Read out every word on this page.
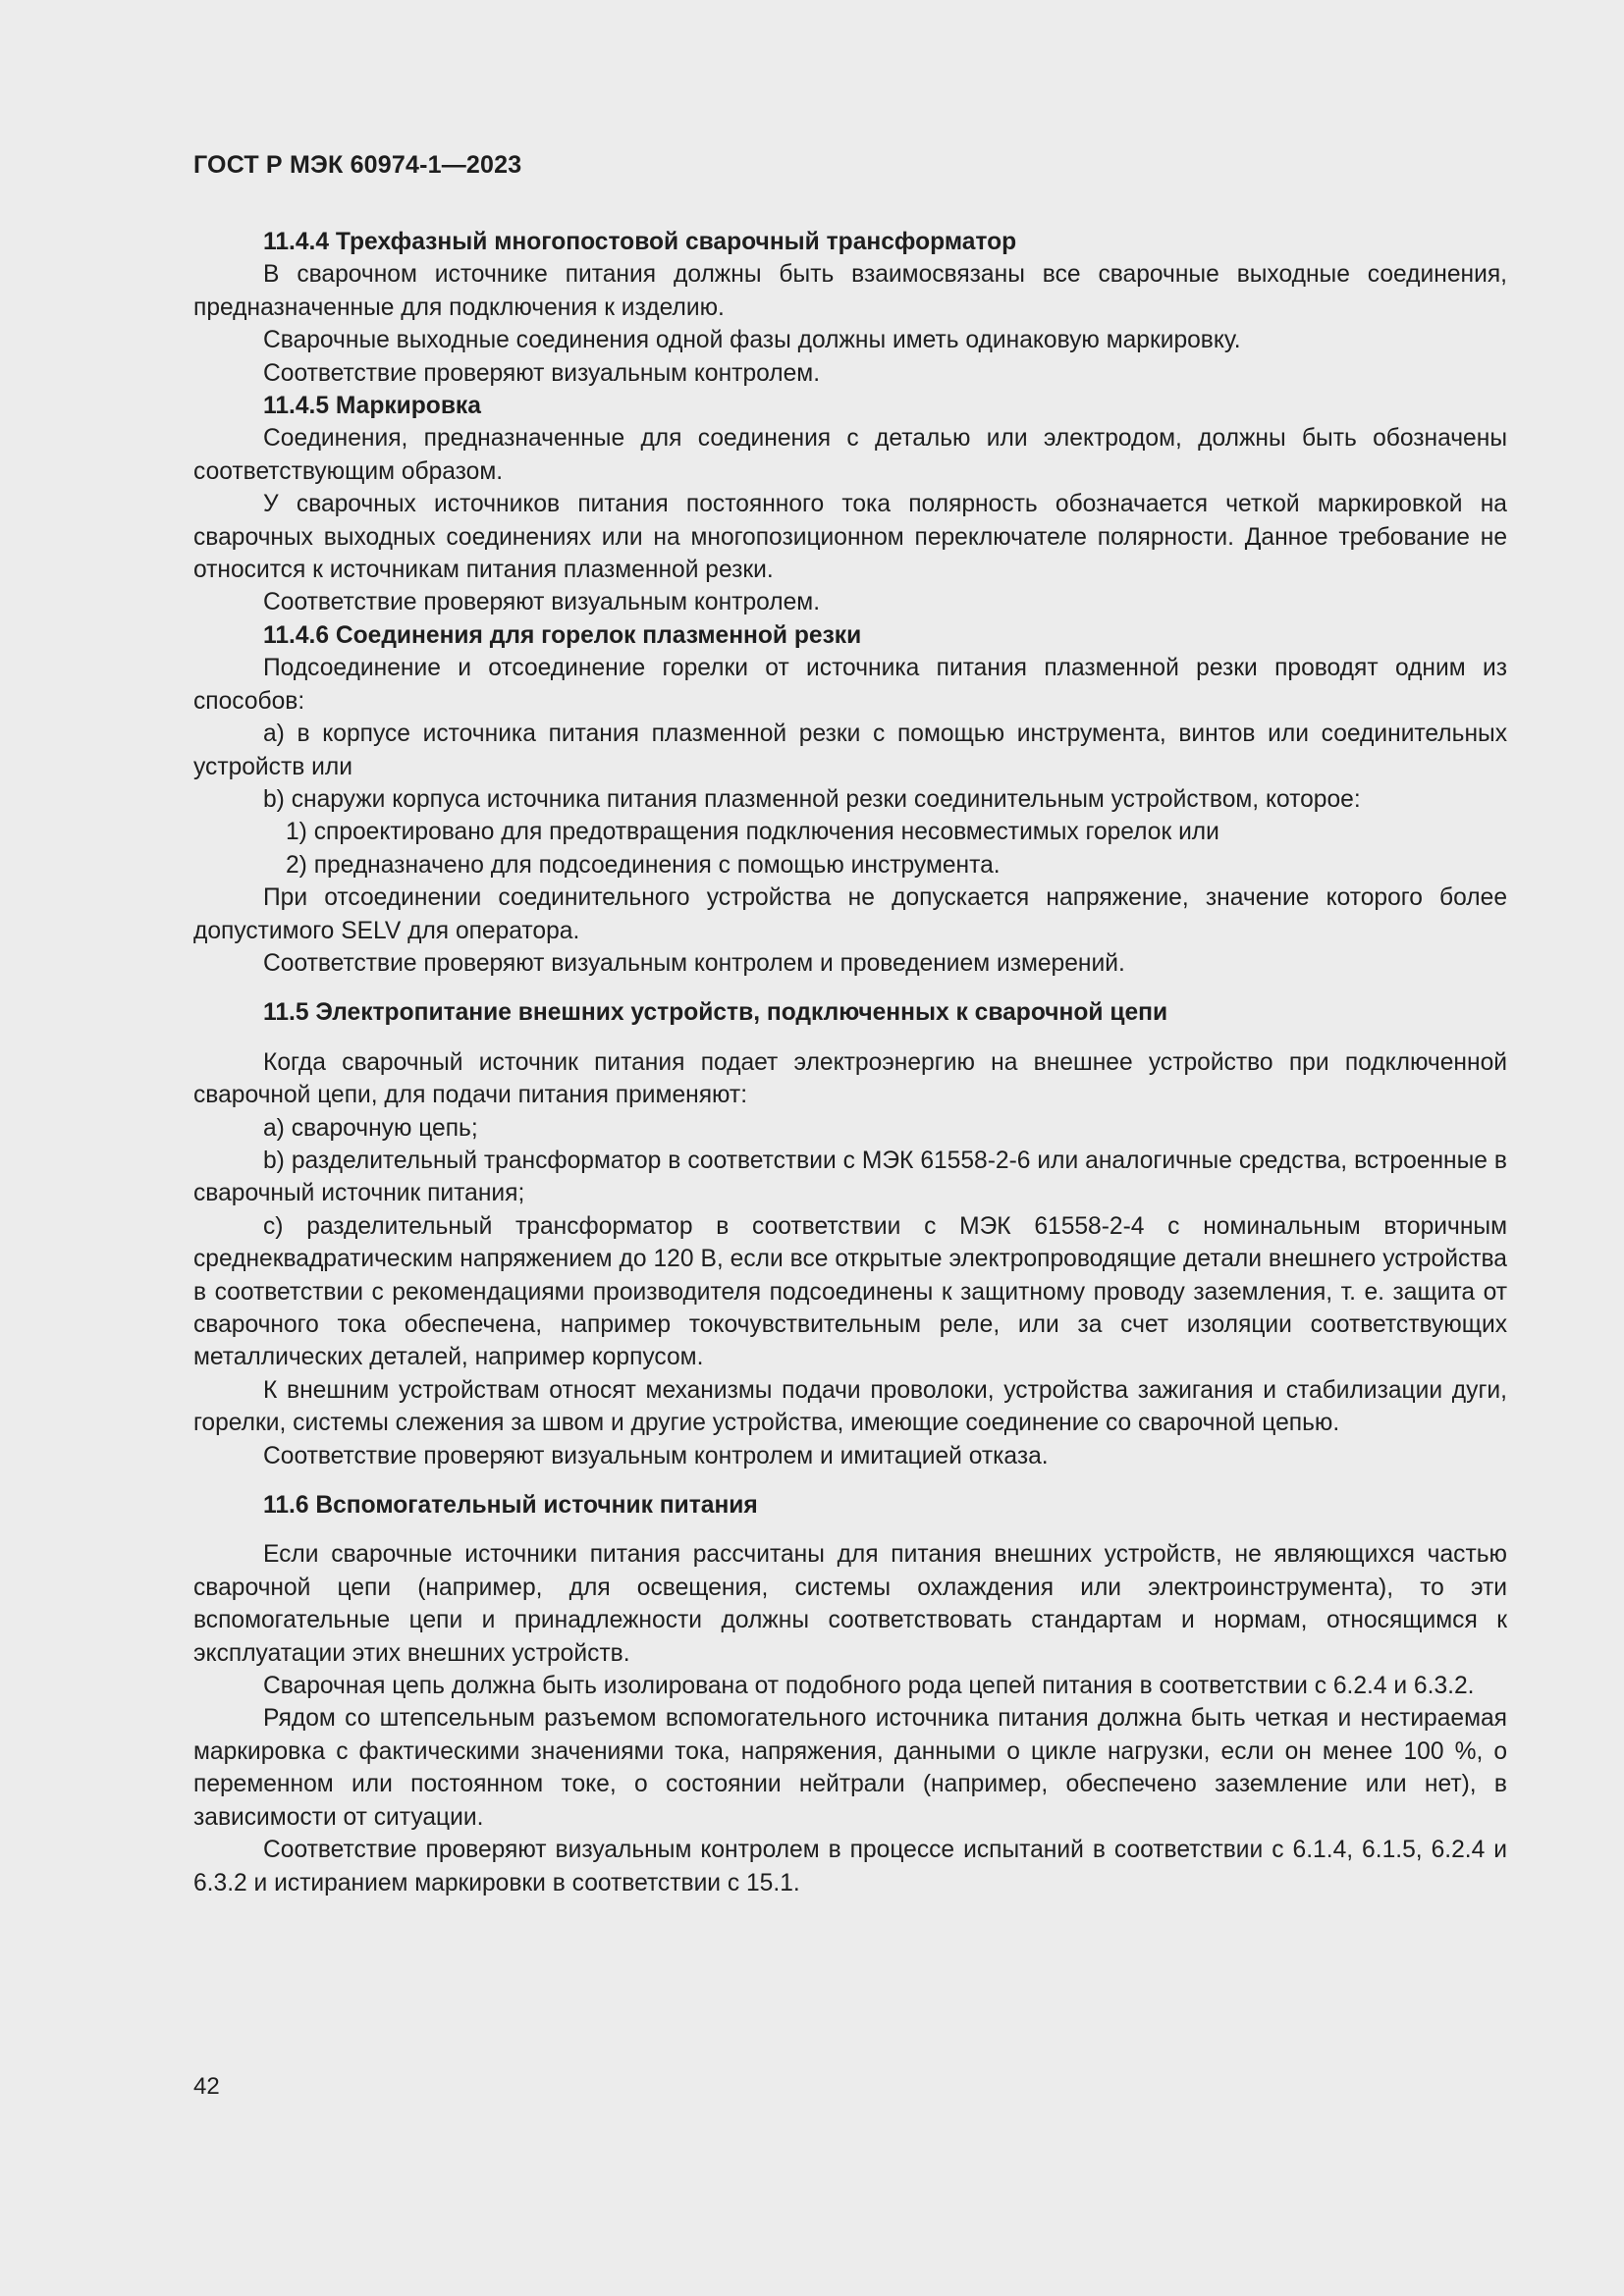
ГОСТ Р МЭК 60974-1—2023

11.4.4 Трехфазный многопостовой сварочный трансформатор

В сварочном источнике питания должны быть взаимосвязаны все сварочные выходные соединения, предназначенные для подключения к изделию.

Сварочные выходные соединения одной фазы должны иметь одинаковую маркировку.

Соответствие проверяют визуальным контролем.

11.4.5 Маркировка

Соединения, предназначенные для соединения с деталью или электродом, должны быть обозначены соответствующим образом.

У сварочных источников питания постоянного тока полярность обозначается четкой маркировкой на сварочных выходных соединениях или на многопозиционном переключателе полярности. Данное требование не относится к источникам питания плазменной резки.

Соответствие проверяют визуальным контролем.

11.4.6 Соединения для горелок плазменной резки

Подсоединение и отсоединение горелки от источника питания плазменной резки проводят одним из способов:

a) в корпусе источника питания плазменной резки с помощью инструмента, винтов или соединительных устройств или

b) снаружи корпуса источника питания плазменной резки соединительным устройством, которое:

1) спроектировано для предотвращения подключения несовместимых горелок или

2) предназначено для подсоединения с помощью инструмента.

При отсоединении соединительного устройства не допускается напряжение, значение которого более допустимого SELV для оператора.

Соответствие проверяют визуальным контролем и проведением измерений.

11.5 Электропитание внешних устройств, подключенных к сварочной цепи

Когда сварочный источник питания подает электроэнергию на внешнее устройство при подключенной сварочной цепи, для подачи питания применяют:

a) сварочную цепь;

b) разделительный трансформатор в соответствии с МЭК 61558-2-6 или аналогичные средства, встроенные в сварочный источник питания;

c) разделительный трансформатор в соответствии с МЭК 61558-2-4 с номинальным вторичным среднеквадратическим напряжением до 120 В, если все открытые электропроводящие детали внешнего устройства в соответствии с рекомендациями производителя подсоединены к защитному проводу заземления, т. е. защита от сварочного тока обеспечена, например токочувствительным реле, или за счет изоляции соответствующих металлических деталей, например корпусом.

К внешним устройствам относят механизмы подачи проволоки, устройства зажигания и стабилизации дуги, горелки, системы слежения за швом и другие устройства, имеющие соединение со сварочной цепью.

Соответствие проверяют визуальным контролем и имитацией отказа.

11.6 Вспомогательный источник питания

Если сварочные источники питания рассчитаны для питания внешних устройств, не являющихся частью сварочной цепи (например, для освещения, системы охлаждения или электроинструмента), то эти вспомогательные цепи и принадлежности должны соответствовать стандартам и нормам, относящимся к эксплуатации этих внешних устройств.

Сварочная цепь должна быть изолирована от подобного рода цепей питания в соответствии с 6.2.4 и 6.3.2.

Рядом со штепсельным разъемом вспомогательного источника питания должна быть четкая и нестираемая маркировка с фактическими значениями тока, напряжения, данными о цикле нагрузки, если он менее 100 %, о переменном или постоянном токе, о состоянии нейтрали (например, обеспечено заземление или нет), в зависимости от ситуации.

Соответствие проверяют визуальным контролем в процессе испытаний в соответствии с 6.1.4, 6.1.5, 6.2.4 и 6.3.2 и истиранием маркировки в соответствии с 15.1.

42
